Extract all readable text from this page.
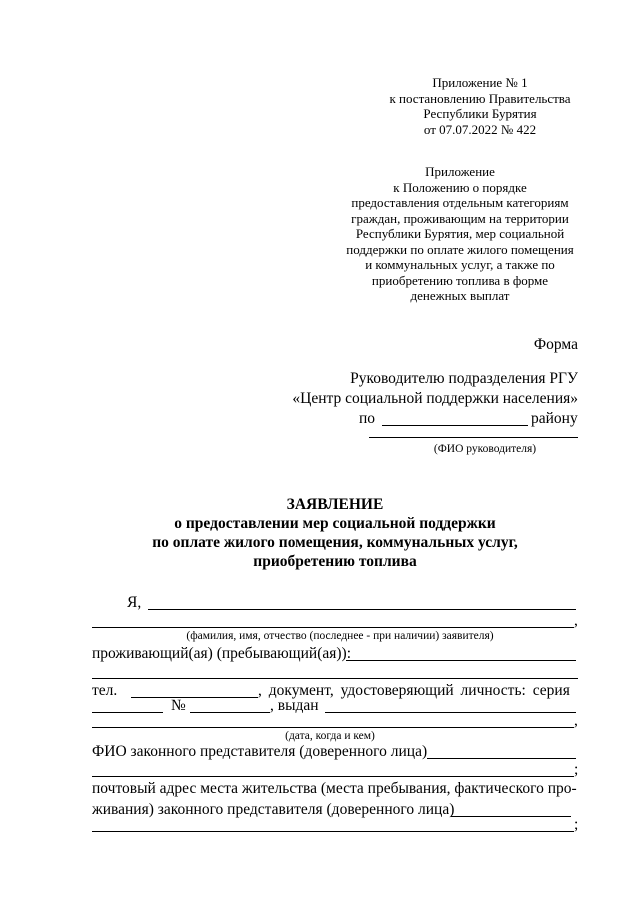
Приложение № 1
к постановлению Правительства
Республики Бурятия
от 07.07.2022 № 422
Приложение
к Положению о порядке
предоставления отдельным категориям
граждан, проживающим на территории
Республики Бурятия, мер социальной
поддержки по оплате жилого помещения
и коммунальных услуг, а также по
приобретению топлива в форме
денежных выплат
Форма
Руководителю подразделения РГУ
«Центр социальной поддержки населения»
по	району
(ФИО руководителя)
ЗАЯВЛЕНИЕ
о предоставлении мер социальной поддержки
по оплате жилого помещения, коммунальных услуг,
приобретению топлива
Я,
,
(фамилия, имя, отчество (последнее - при наличии) заявителя)
проживающий(ая) (пребывающий(ая)):
тел.	, документ, удостоверяющий личность: серия
№	, выдан
,
(дата, когда и кем)
ФИО законного представителя (доверенного лица)
;
почтовый адрес места жительства (места пребывания, фактического про-
живания) законного представителя (доверенного лица)
;
